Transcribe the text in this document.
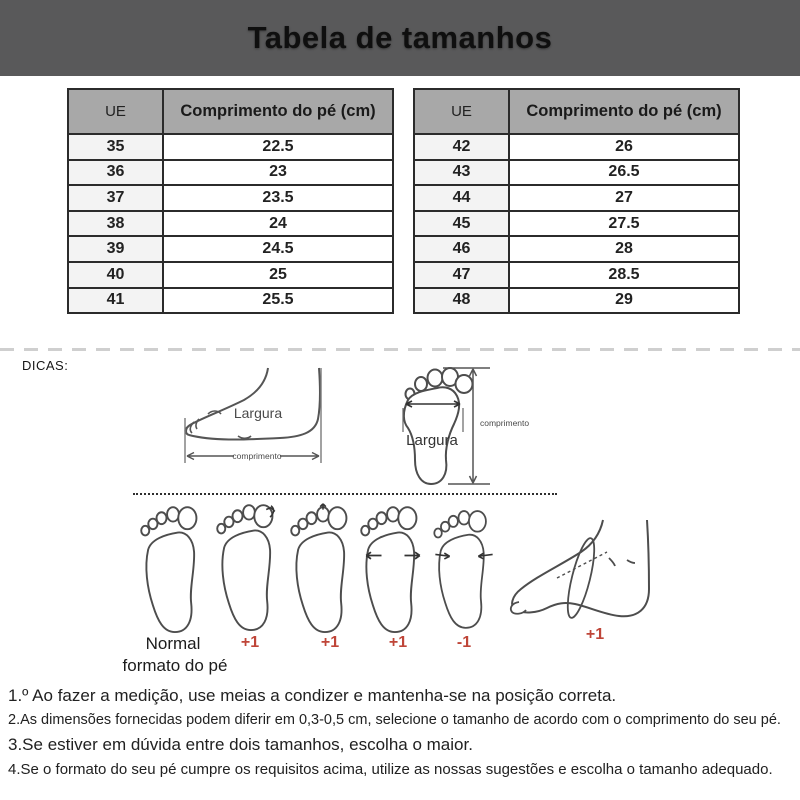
Tabela de tamanhos
UE	Comprimento do pé (cm)
35	22.5
36	23
37	23.5
38	24
39	24.5
40	25
41	25.5
UE	Comprimento do pé (cm)
42	26
43	26.5
44	27
45	27.5
46	28
47	28.5
48	29
DICAS:
Largura
comprimento
Largura
comprimento
Normal	+1	+1	+1	-1	+1
formato do pé

1.º Ao fazer a medição, use meias a condizer e mantenha-se na posição correta.

2.As dimensões fornecidas podem diferir em 0,3-0,5 cm, selecione o tamanho de acordo com o comprimento do seu pé.

3.Se estiver em dúvida entre dois tamanhos, escolha o maior.

4.Se o formato do seu pé cumpre os requisitos acima, utilize as nossas sugestões e escolha o tamanho adequado.
